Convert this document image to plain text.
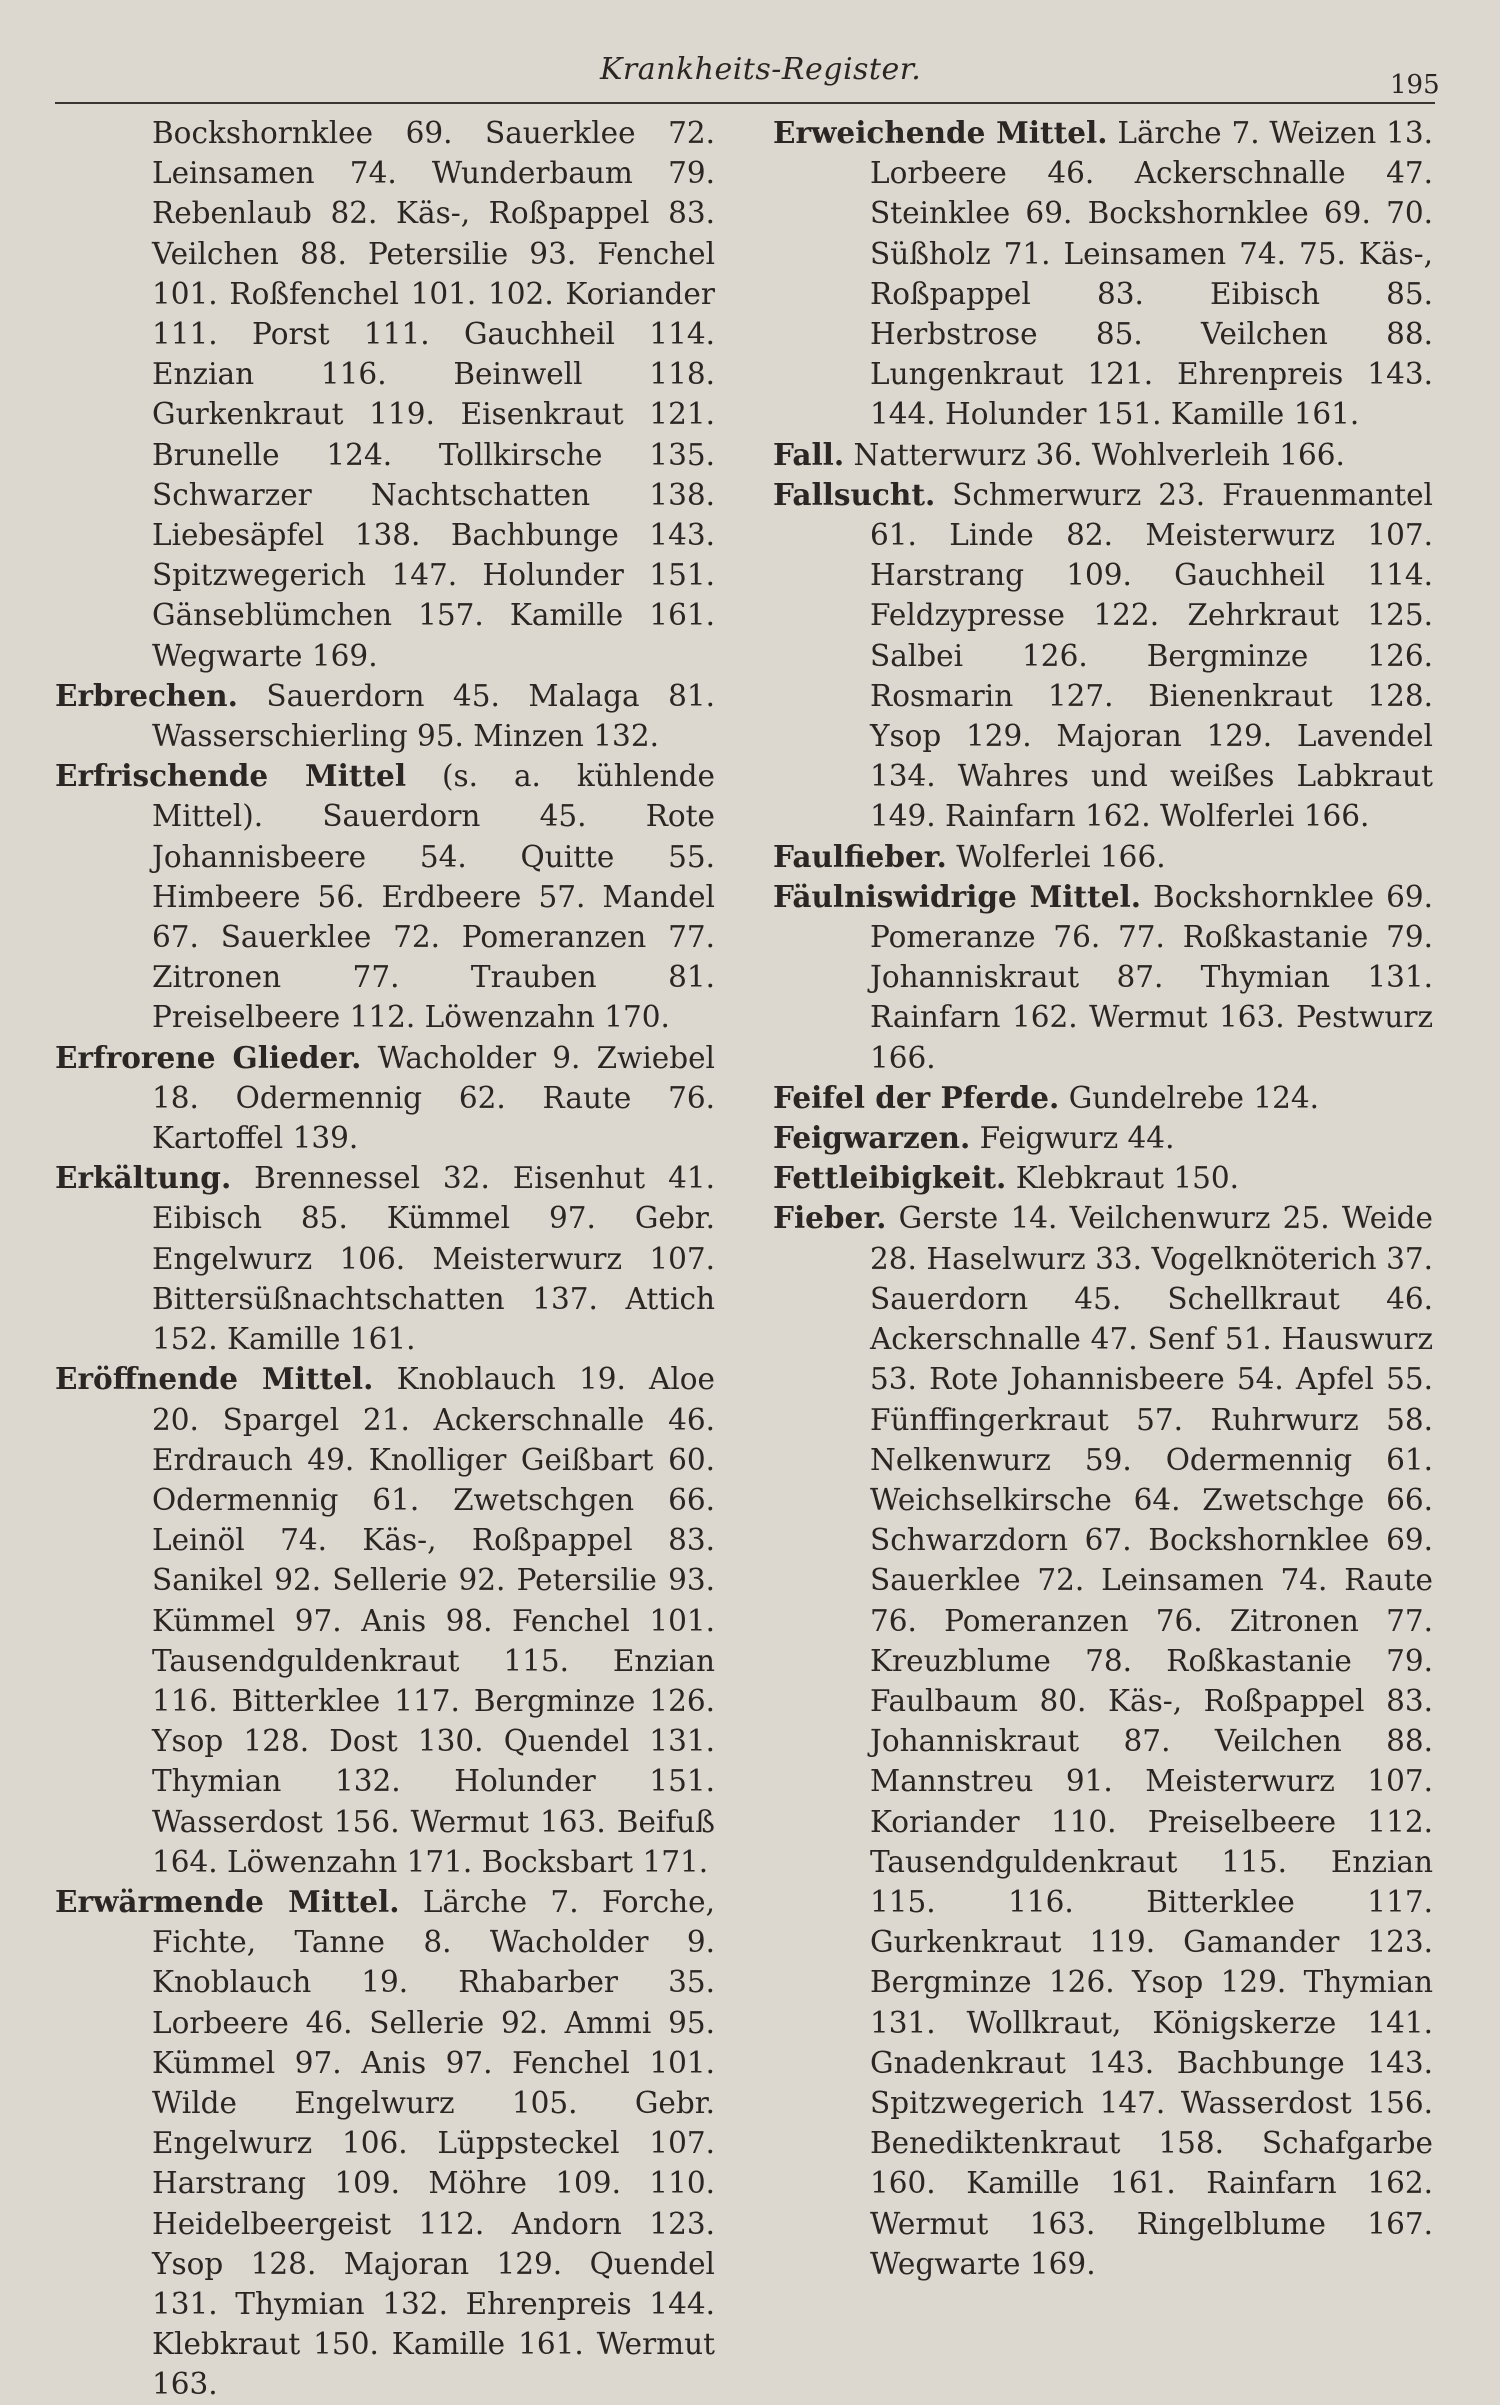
Krankheits-Register.	195

Bockshornklee 69. Sauerklee 72. Leinsamen 74. Wunderbaum 79. Rebenlaub 82. Käs-, Roßpappel 83. Veilchen 88. Petersilie 93. Fenchel 101. Roßfenchel 101. 102. Koriander 111. Porst 111. Gauchheil 114. Enzian 116. Beinwell 118. Gurkenkraut 119. Eisenkraut 121. Brunelle 124. Tollkirsche 135. Schwarzer Nachtschatten 138. Liebesäpfel 138. Bachbunge 143. Spitzwegerich 147. Holunder 151. Gänseblümchen 157. Kamille 161. Wegwarte 169.

Erbrechen. Sauerdorn 45. Malaga 81. Wasserschierling 95. Minzen 132.

Erfrischende Mittel (s. a. kühlende Mittel). Sauerdorn 45. Rote Johannisbeere 54. Quitte 55. Himbeere 56. Erdbeere 57. Mandel 67. Sauerklee 72. Pomeranzen 77. Zitronen 77. Trauben 81. Preiselbeere 112. Löwenzahn 170.

Erfrorene Glieder. Wacholder 9. Zwiebel 18. Odermennig 62. Raute 76. Kartoffel 139.

Erkältung. Brennessel 32. Eisenhut 41. Eibisch 85. Kümmel 97. Gebr. Engelwurz 106. Meisterwurz 107. Bittersüßnachtschatten 137. Attich 152. Kamille 161.

Eröffnende Mittel. Knoblauch 19. Aloe 20. Spargel 21. Ackerschnalle 46. Erdrauch 49. Knolliger Geißbart 60. Odermennig 61. Zwetschgen 66. Leinöl 74. Käs-, Roßpappel 83. Sanikel 92. Sellerie 92. Petersilie 93. Kümmel 97. Anis 98. Fenchel 101. Tausendguldenkraut 115. Enzian 116. Bitterklee 117. Bergminze 126. Ysop 128. Dost 130. Quendel 131. Thymian 132. Holunder 151. Wasserdost 156. Wermut 163. Beifuß 164. Löwenzahn 171. Bocksbart 171.

Erwärmende Mittel. Lärche 7. Forche, Fichte, Tanne 8. Wacholder 9. Knoblauch 19. Rhabarber 35. Lorbeere 46. Sellerie 92. Ammi 95. Kümmel 97. Anis 97. Fenchel 101. Wilde Engelwurz 105. Gebr. Engelwurz 106. Lüppsteckel 107. Harstrang 109. Möhre 109. 110. Heidelbeergeist 112. Andorn 123. Ysop 128. Majoran 129. Quendel 131. Thymian 132. Ehrenpreis 144. Klebkraut 150. Kamille 161. Wermut 163.

Erweichende Mittel. Lärche 7. Weizen 13. Lorbeere 46. Ackerschnalle 47. Steinklee 69. Bockshornklee 69. 70. Süßholz 71. Leinsamen 74. 75. Käs-, Roßpappel 83. Eibisch 85. Herbstrose 85. Veilchen 88. Lungenkraut 121. Ehrenpreis 143. 144. Holunder 151. Kamille 161.

Fall. Natterwurz 36. Wohlverleih 166.

Fallsucht. Schmerwurz 23. Frauenmantel 61. Linde 82. Meisterwurz 107. Harstrang 109. Gauchheil 114. Feldzypresse 122. Zehrkraut 125. Salbei 126. Bergminze 126. Rosmarin 127. Bienenkraut 128. Ysop 129. Majoran 129. Lavendel 134. Wahres und weißes Labkraut 149. Rainfarn 162. Wolferlei 166.

Faulfieber. Wolferlei 166.

Fäulniswidrige Mittel. Bockshornklee 69. Pomeranze 76. 77. Roßkastanie 79. Johanniskraut 87. Thymian 131. Rainfarn 162. Wermut 163. Pestwurz 166.

Feifel der Pferde. Gundelrebe 124.

Feigwarzen. Feigwurz 44.

Fettleibigkeit. Klebkraut 150.

Fieber. Gerste 14. Veilchenwurz 25. Weide 28. Haselwurz 33. Vogelknöterich 37. Sauerdorn 45. Schellkraut 46. Ackerschnalle 47. Senf 51. Hauswurz 53. Rote Johannisbeere 54. Apfel 55. Fünffingerkraut 57. Ruhrwurz 58. Nelkenwurz 59. Odermennig 61. Weichselkirsche 64. Zwetschge 66. Schwarzdorn 67. Bockshornklee 69. Sauerklee 72. Leinsamen 74. Raute 76. Pomeranzen 76. Zitronen 77. Kreuzblume 78. Roßkastanie 79. Faulbaum 80. Käs-, Roßpappel 83. Johanniskraut 87. Veilchen 88. Mannstreu 91. Meisterwurz 107. Koriander 110. Preiselbeere 112. Tausendguldenkraut 115. Enzian 115. 116. Bitterklee 117. Gurkenkraut 119. Gamander 123. Bergminze 126. Ysop 129. Thymian 131. Wollkraut, Königskerze 141. Gnadenkraut 143. Bachbunge 143. Spitzwegerich 147. Wasserdost 156. Benediktenkraut 158. Schafgarbe 160. Kamille 161. Rainfarn 162. Wermut 163. Ringelblume 167. Wegwarte 169.
